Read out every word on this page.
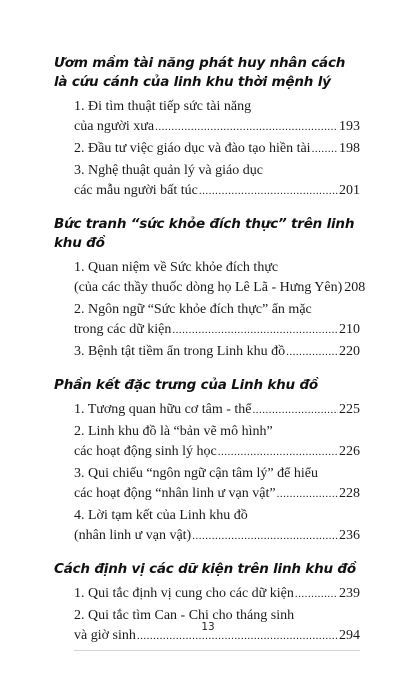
Ươm mầm tài năng phát huy nhân cách
là cứu cánh của linh khu thời mệnh lý
1. Đi tìm thuật tiếp sức tài năng
của người xưa .....	193
2. Đầu tư việc giáo dục và đào tạo hiền tài ..... 198
3. Nghệ thuật quản lý và giáo dục
các mẫu người bất túc .....	201
Bức tranh “sức khỏe đích thực” trên linh khu đồ
1. Quan niệm về Sức khỏe đích thực
(của các thầy thuốc dòng họ Lê Lã - Hưng Yên) 208
2. Ngôn ngữ “Sức khỏe đích thực” ẩn mặc
trong các dữ kiện .....	210
3. Bệnh tật tiềm ẩn trong Linh khu đồ .....	220
Phần kết đặc trưng của Linh khu đồ
1. Tương quan hữu cơ tâm - thể .....	225
2. Linh khu đồ là “bản vẽ mô hình”
các hoạt động sinh lý học .....	226
3. Qui chiếu “ngôn ngữ cận tâm lý” để hiểu
các hoạt động “nhân linh ư vạn vật” .....	228
4. Lời tạm kết của Linh khu đồ
(nhân linh ư vạn vật) .....	236
Cách định vị các dữ kiện trên linh khu đồ
1. Qui tắc định vị cung cho các dữ kiện .....	239
2. Qui tắc tìm Can - Chi cho tháng sinh
và giờ sinh .....	294
13
